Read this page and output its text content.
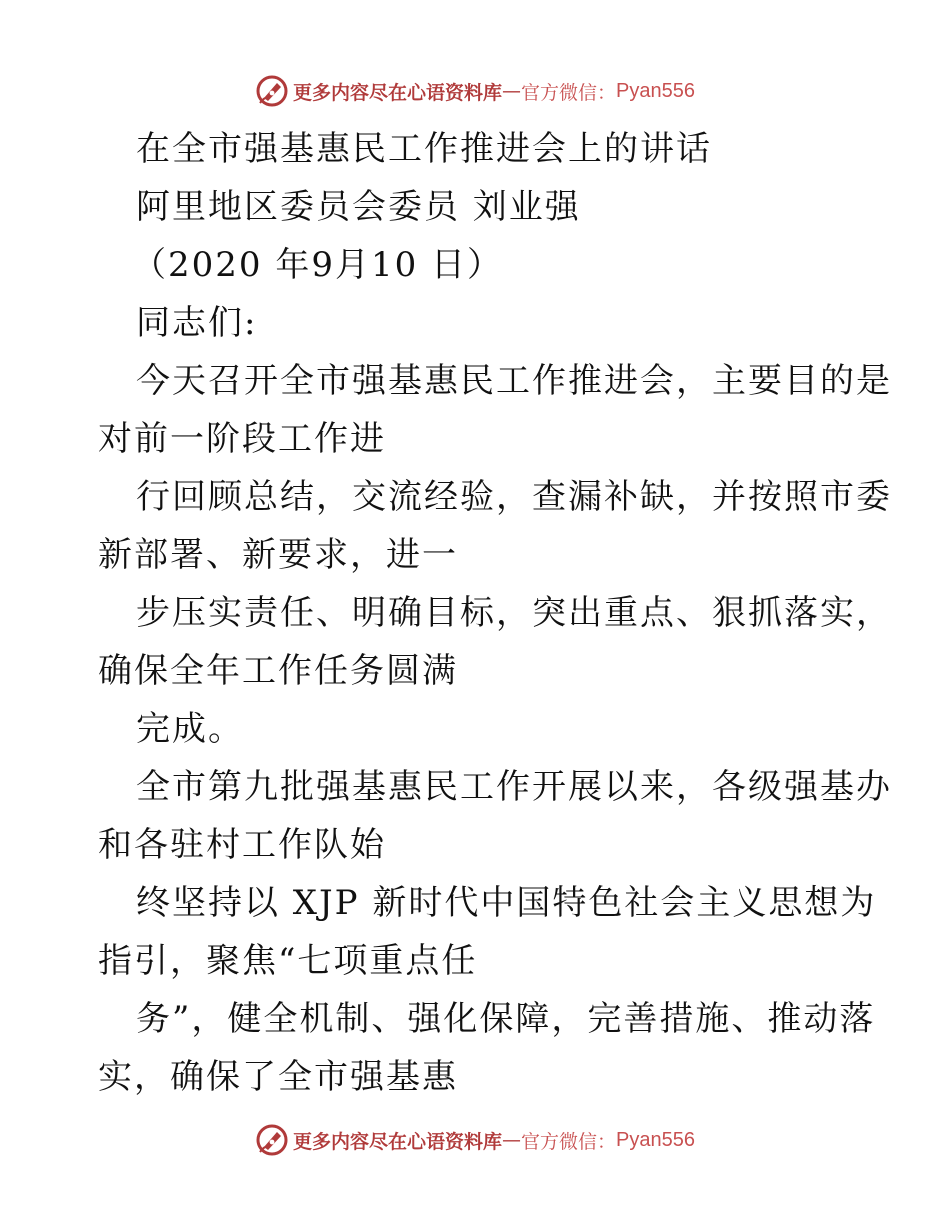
更多内容尽在心语资料库 — 官方微信： Pyan556
在全市强基惠民工作推进会上的讲话
阿里地区委员会委员 刘业强
（2020 年9月10 日）
同志们:
今天召开全市强基惠民工作推进会，主要目的是
对前一阶段工作进
行回顾总结，交流经验，查漏补缺，并按照市委
新部署、新要求，进一
步压实责任、明确目标，突出重点、狠抓落实，
确保全年工作任务圆满
完成。
全市第九批强基惠民工作开展以来，各级强基办
和各驻村工作队始
终坚持以 XJP 新时代中国特色社会主义思想为
指引，聚焦“七项重点任
务”，健全机制、强化保障，完善措施、推动落
实，确保了全市强基惠
更多内容尽在心语资料库 — 官方微信： Pyan556
